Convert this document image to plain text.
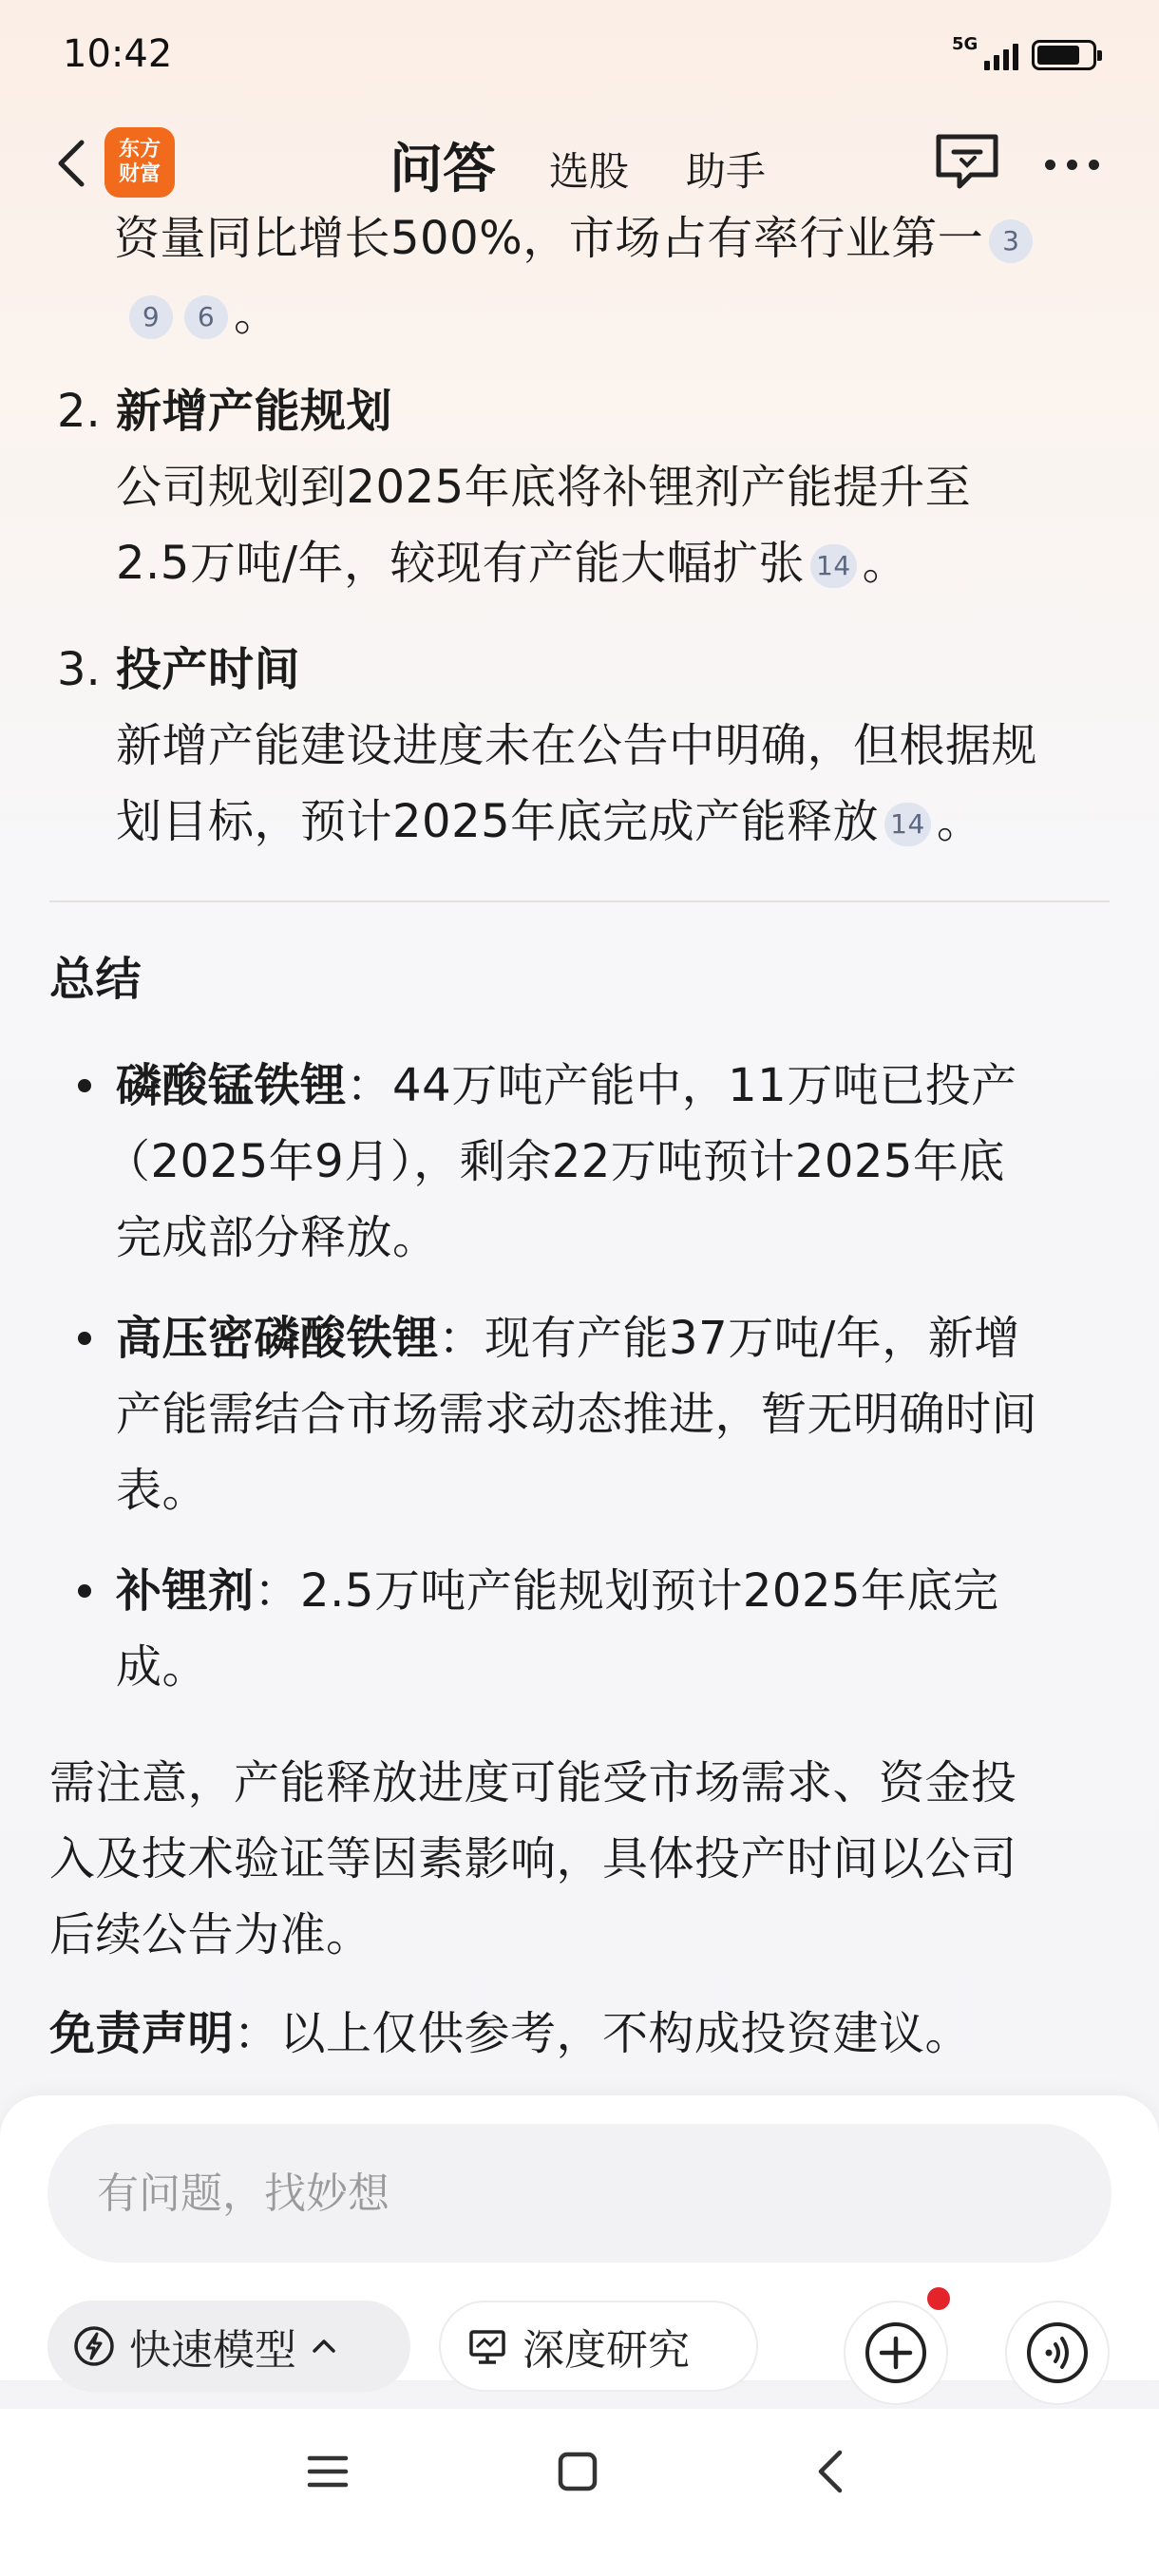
10:42	5G
东方
财富	问答 选股 助手
资量同比增长500%，市场占有率行业第一 3
9 6 。
2. 新增产能规划
公司规划到2025年底将补锂剂产能提升至
2.5万吨/年，较现有产能大幅扩张 14 。
3. 投产时间
新增产能建设进度未在公告中明确，但根据规
划目标，预计2025年底完成产能释放 14 。
总结
磷酸锰铁锂：44万吨产能中，11万吨已投产
（2025年9月），剩余22万吨预计2025年底
完成部分释放。
高压密磷酸铁锂：现有产能37万吨/年，新增
产能需结合市场需求动态推进，暂无明确时间
表。
补锂剂：2.5万吨产能规划预计2025年底完
成。
需注意，产能释放进度可能受市场需求、资金投
入及技术验证等因素影响，具体投产时间以公司
后续公告为准。
免责声明：以上仅供参考，不构成投资建议。
有问题，找妙想
快速模型	深度研究
